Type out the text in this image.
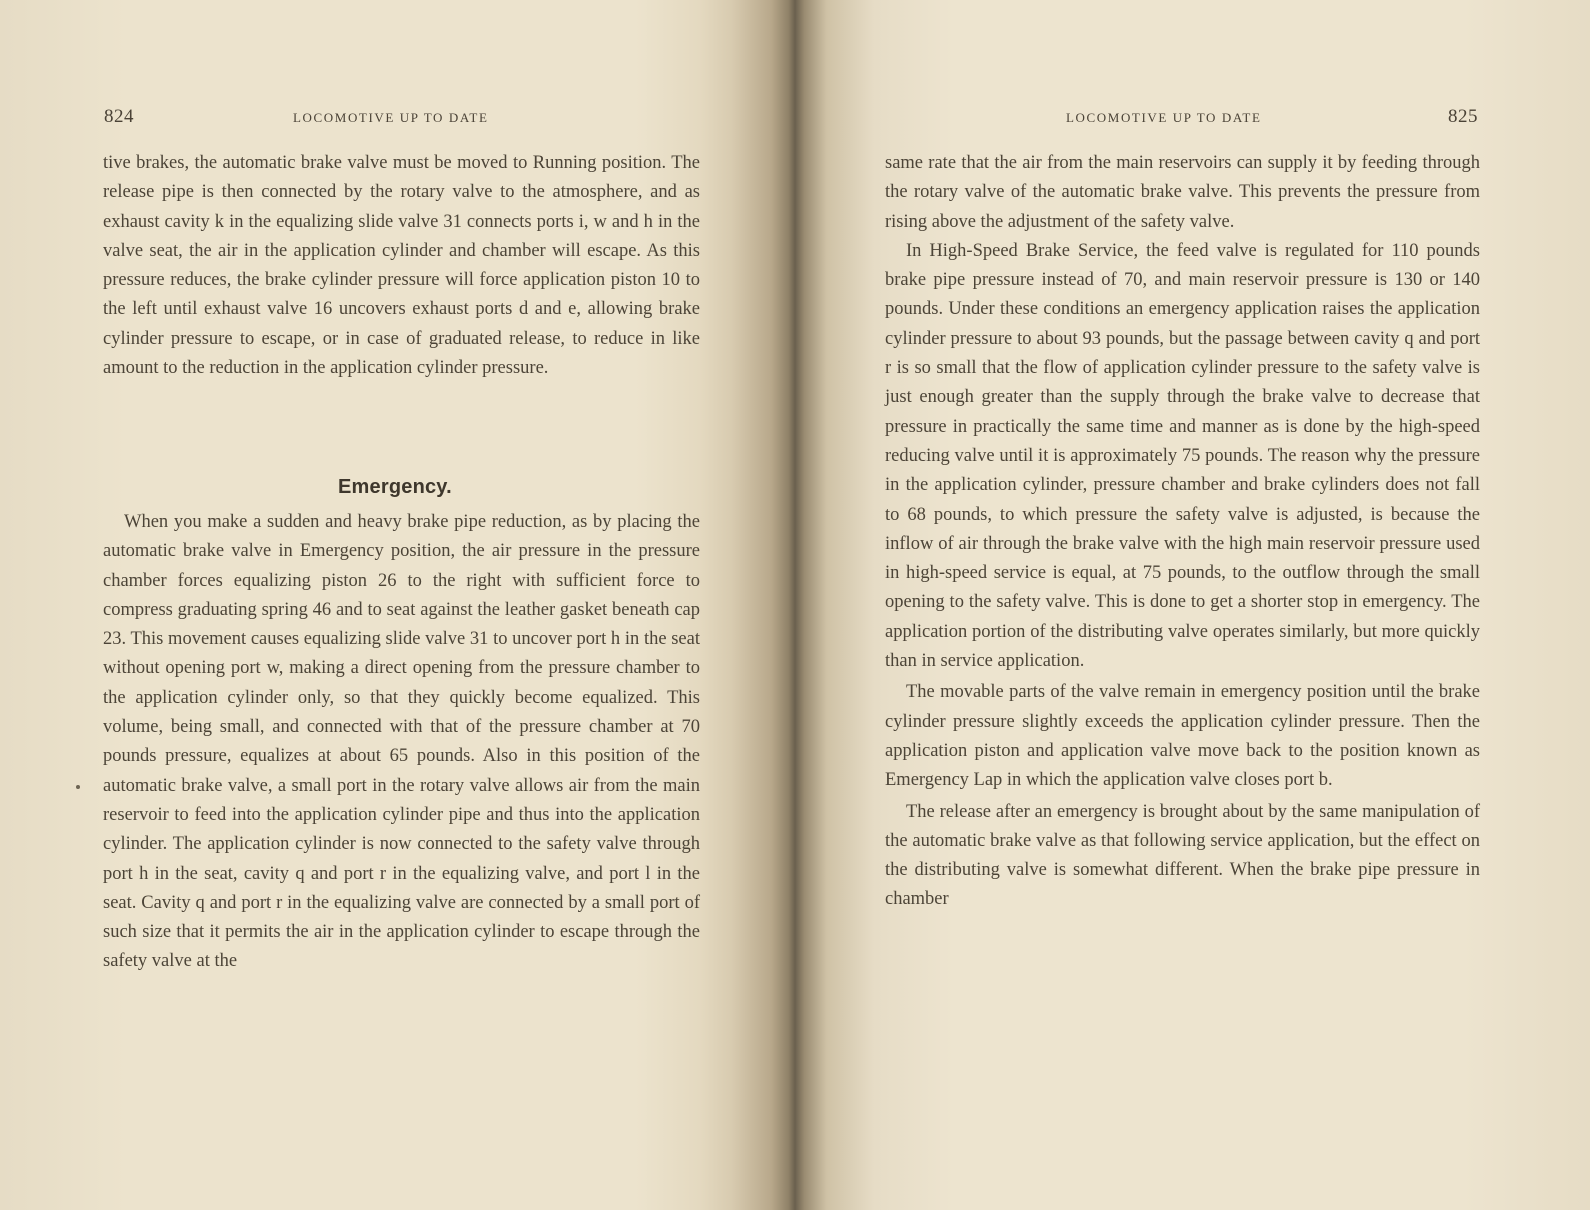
824	LOCOMOTIVE UP TO DATE

tive brakes, the automatic brake valve must be moved to Running position. The release pipe is then connected by the rotary valve to the atmosphere, and as exhaust cavity k in the equalizing slide valve 31 connects ports i, w and h in the valve seat, the air in the application cylinder and chamber will escape. As this pressure reduces, the brake cylinder pressure will force application piston 10 to the left until exhaust valve 16 uncovers exhaust ports d and e, allowing brake cylinder pressure to escape, or in case of graduated release, to reduce in like amount to the reduction in the application cylinder pressure.

Emergency.

When you make a sudden and heavy brake pipe reduction, as by placing the automatic brake valve in Emergency position, the air pressure in the pressure chamber forces equalizing piston 26 to the right with sufficient force to compress graduating spring 46 and to seat against the leather gasket beneath cap 23. This movement causes equalizing slide valve 31 to uncover port h in the seat without opening port w, making a direct opening from the pressure chamber to the application cylinder only, so that they quickly become equalized. This volume, being small, and connected with that of the pressure chamber at 70 pounds pressure, equalizes at about 65 pounds. Also in this position of the automatic brake valve, a small port in the rotary valve allows air from the main reservoir to feed into the application cylinder pipe and thus into the application cylinder. The application cylinder is now connected to the safety valve through port h in the seat, cavity q and port r in the equalizing valve, and port l in the seat. Cavity q and port r in the equalizing valve are connected by a small port of such size that it permits the air in the application cylinder to escape through the safety valve at the

LOCOMOTIVE UP TO DATE	825

same rate that the air from the main reservoirs can supply it by feeding through the rotary valve of the automatic brake valve. This prevents the pressure from rising above the adjustment of the safety valve.

In High-Speed Brake Service, the feed valve is regulated for 110 pounds brake pipe pressure instead of 70, and main reservoir pressure is 130 or 140 pounds. Under these conditions an emergency application raises the application cylinder pressure to about 93 pounds, but the passage between cavity q and port r is so small that the flow of application cylinder pressure to the safety valve is just enough greater than the supply through the brake valve to decrease that pressure in practically the same time and manner as is done by the high-speed reducing valve until it is approximately 75 pounds. The reason why the pressure in the application cylinder, pressure chamber and brake cylinders does not fall to 68 pounds, to which pressure the safety valve is adjusted, is because the inflow of air through the brake valve with the high main reservoir pressure used in high-speed service is equal, at 75 pounds, to the outflow through the small opening to the safety valve. This is done to get a shorter stop in emergency. The application portion of the distributing valve operates similarly, but more quickly than in service application.

The movable parts of the valve remain in emergency position until the brake cylinder pressure slightly exceeds the application cylinder pressure. Then the application piston and application valve move back to the position known as Emergency Lap in which the application valve closes port b.

The release after an emergency is brought about by the same manipulation of the automatic brake valve as that following service application, but the effect on the distributing valve is somewhat different. When the brake pipe pressure in chamber
